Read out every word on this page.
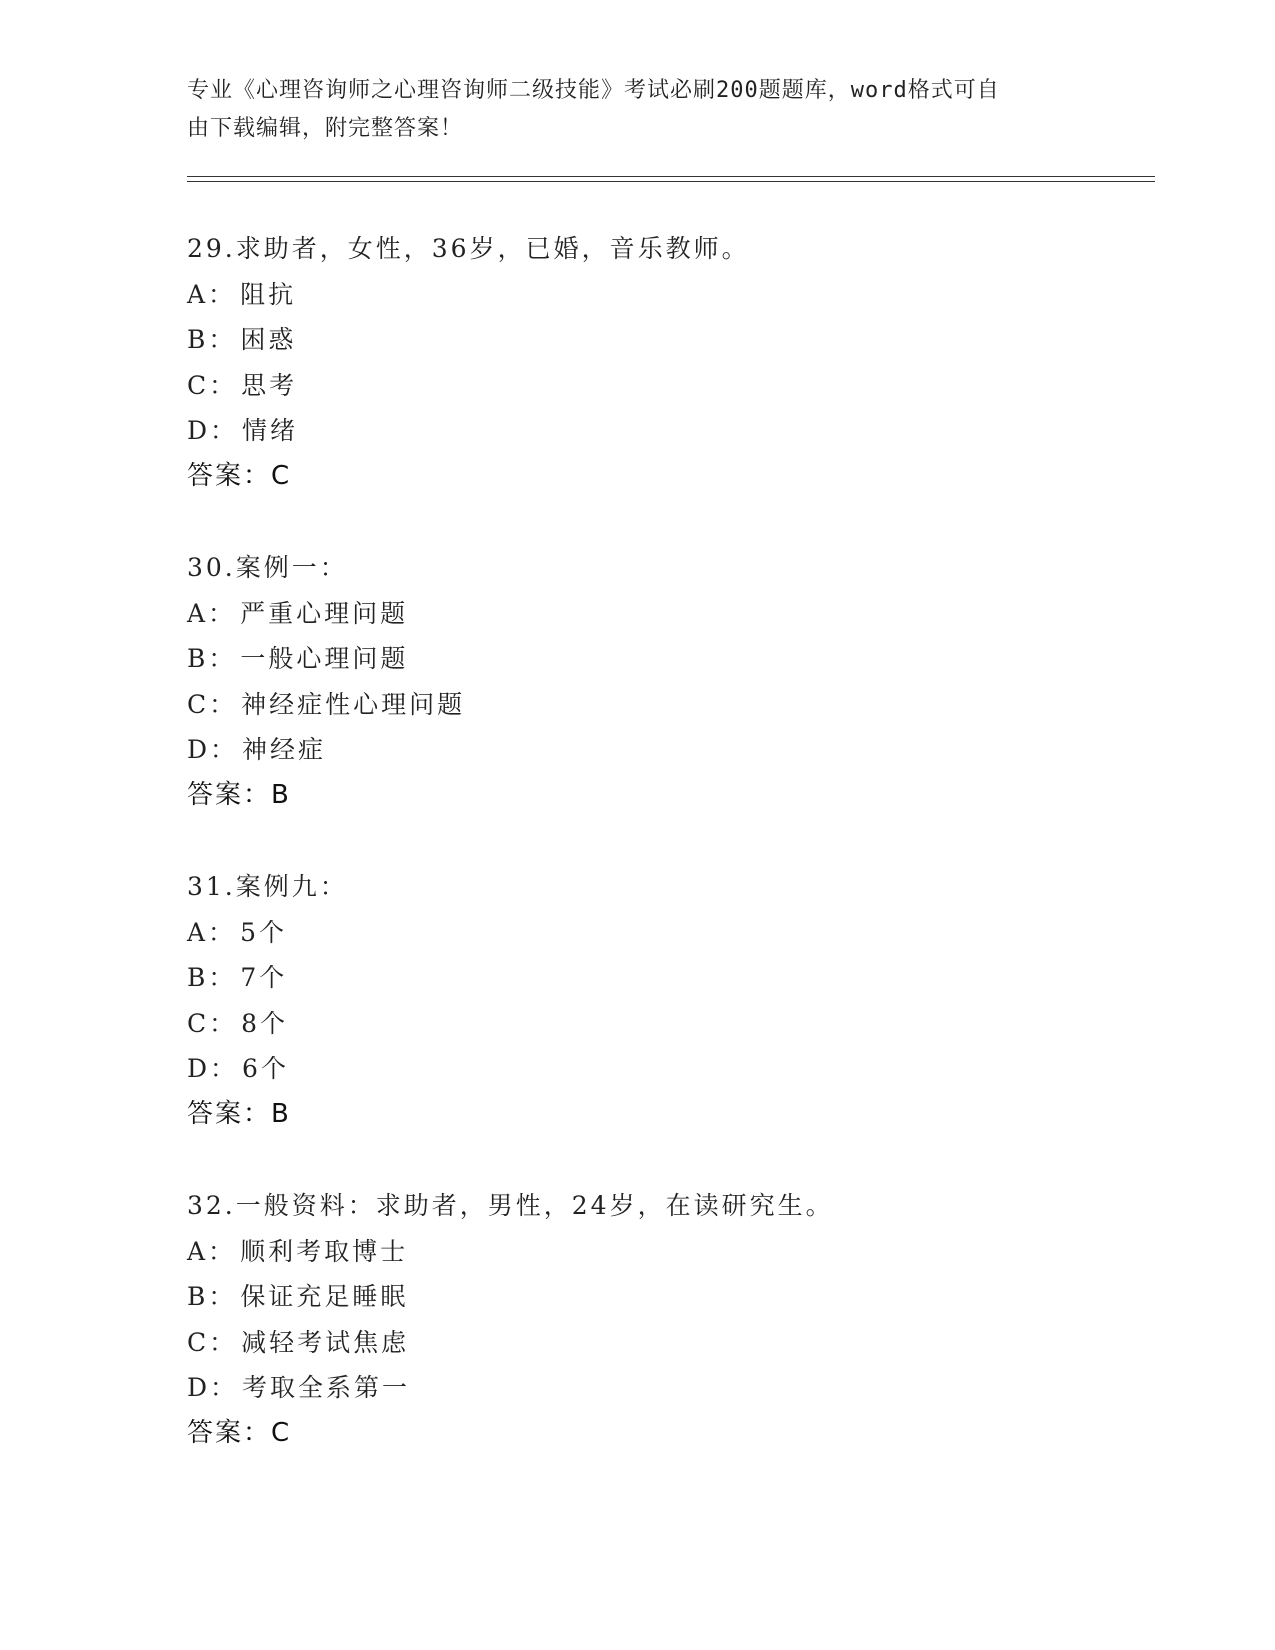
专业《心理咨询师之心理咨询师二级技能》考试必刷200题题库，word格式可自
由下载编辑，附完整答案！
29.求助者，女性，36岁，已婚，音乐教师。
A： 阻抗
B： 困惑
C： 思考
D： 情绪
答案：C
30.案例一：
A： 严重心理问题
B： 一般心理问题
C： 神经症性心理问题
D： 神经症
答案：B
31.案例九：
A： 5个
B： 7个
C： 8个
D： 6个
答案：B
32.一般资料：求助者，男性，24岁，在读研究生。
A： 顺利考取博士
B： 保证充足睡眠
C： 减轻考试焦虑
D： 考取全系第一
答案：C
